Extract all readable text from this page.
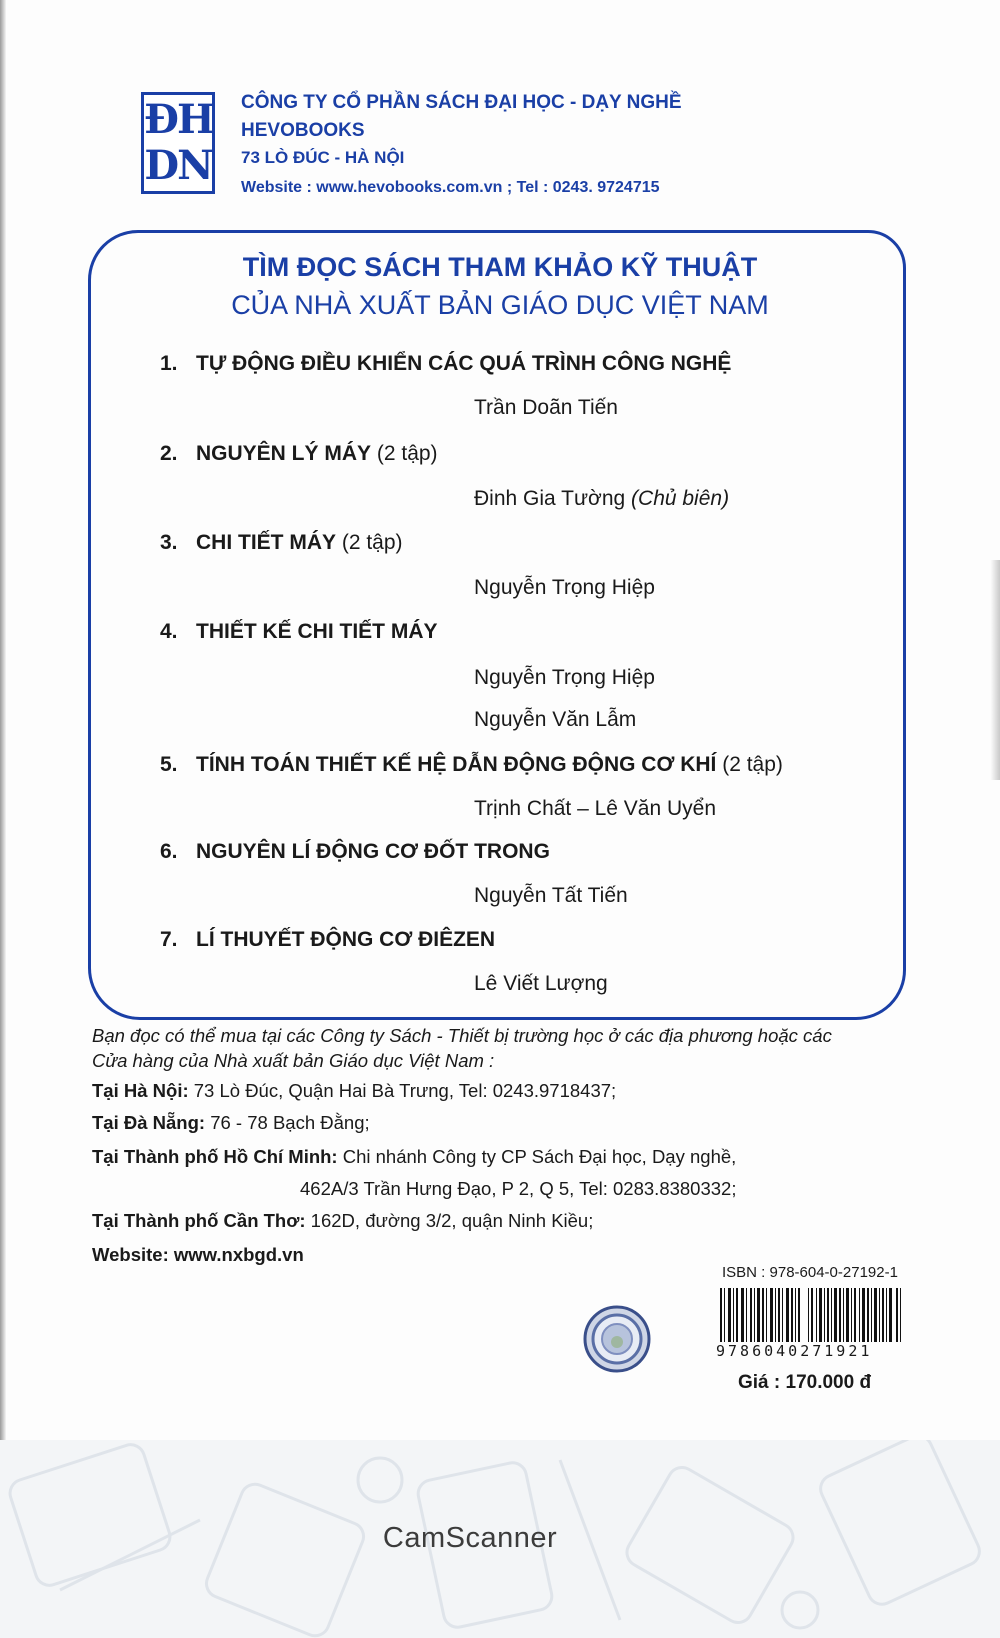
ĐH
DN
CÔNG TY CỔ PHẦN SÁCH ĐẠI HỌC - DẠY NGHỀ
HEVOBOOKS
73 LÒ ĐÚC - HÀ NỘI
Website : www.hevobooks.com.vn ; Tel : 0243. 9724715
TÌM ĐỌC SÁCH THAM KHẢO KỸ THUẬT
CỦA NHÀ XUẤT BẢN GIÁO DỤC VIỆT NAM
1. TỰ ĐỘNG ĐIỀU KHIỂN CÁC QUÁ TRÌNH CÔNG NGHỆ
Trần Doãn Tiến
2. NGUYÊN LÝ MÁY (2 tập)
Đinh Gia Tường (Chủ biên)
3. CHI TIẾT MÁY (2 tập)
Nguyễn Trọng Hiệp
4. THIẾT KẾ CHI TIẾT MÁY
Nguyễn Trọng Hiệp
Nguyễn Văn Lẫm
5. TÍNH TOÁN THIẾT KẾ HỆ DẪN ĐỘNG ĐỘNG CƠ KHÍ (2 tập)
Trịnh Chất – Lê Văn Uyển
6. NGUYÊN LÍ ĐỘNG CƠ ĐỐT TRONG
Nguyễn Tất Tiến
7. LÍ THUYẾT ĐỘNG CƠ ĐIÊZEN
Lê Viết Lượng
Bạn đọc có thể mua tại các Công ty Sách - Thiết bị trường học ở các địa phương hoặc các
Cửa hàng của Nhà xuất bản Giáo dục Việt Nam :
Tại Hà Nội: 73 Lò Đúc, Quận Hai Bà Trưng, Tel: 0243.9718437;
Tại Đà Nẵng: 76 - 78 Bạch Đằng;
Tại Thành phố Hồ Chí Minh: Chi nhánh Công ty CP Sách Đại học, Dạy nghề,
462A/3 Trần Hưng Đạo, P 2, Q 5, Tel: 0283.8380332;
Tại Thành phố Cần Thơ: 162D, đường 3/2, quận Ninh Kiều;
Website: www.nxbgd.vn
ISBN : 978-604-0-27192-1
9786040271921
Giá : 170.000 đ
CamScanner
